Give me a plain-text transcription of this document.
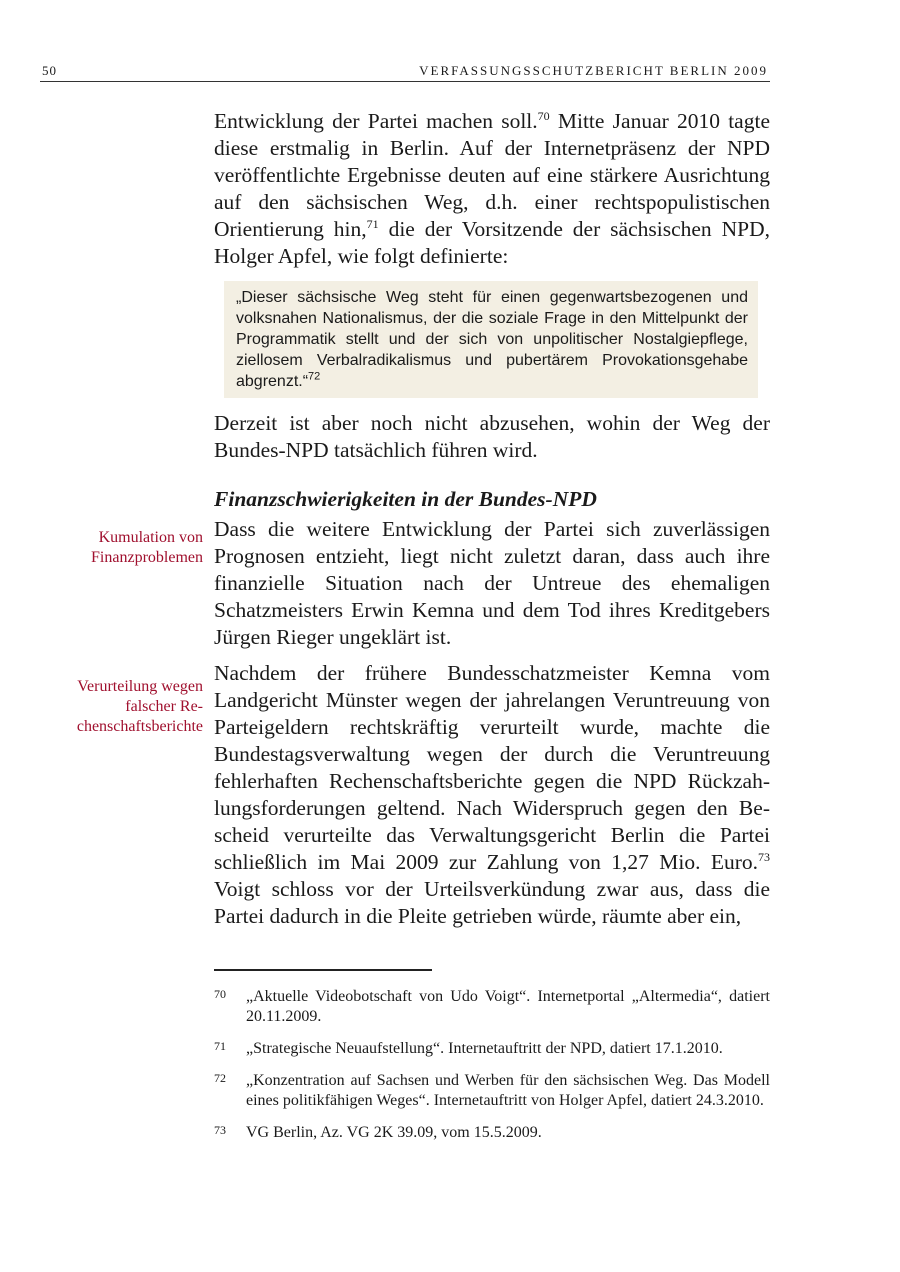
50	VERFASSUNGSSCHUTZBERICHT BERLIN 2009
Kumulation von Finanzproblemen
Verurteilung wegen falscher Rechenschaftsberichte

Entwicklung der Partei machen soll.$^{70}$ Mitte Januar 2010 tagte diese erstmalig in Berlin. Auf der Internetpräsenz der NPD veröffentlichte Ergebnisse deuten auf eine stärkere Ausrichtung auf den sächsischen Weg, d.h. einer rechtspopulistischen Orientierung hin,$^{71}$ die der Vorsitzende der sächsischen NPD, Holger Apfel, wie folgt definierte:

„Dieser sächsische Weg steht für einen gegenwartsbezogenen und volksnahen Nationalismus, der die soziale Frage in den Mittelpunkt der Programmatik stellt und der sich von unpolitischer Nostalgiepflege, ziellosem Verbalradikalismus und pubertärem Provokationsgehabe abgrenzt.“$^{72}$

Derzeit ist aber noch nicht abzusehen, wohin der Weg der Bundes-NPD tatsächlich führen wird.

Finanzschwierigkeiten in der Bundes-NPD

Dass die weitere Entwicklung der Partei sich zuverlässigen Prognosen entzieht, liegt nicht zuletzt daran, dass auch ihre finanzielle Situation nach der Untreue des ehemaligen Schatzmeisters Erwin Kemna und dem Tod ihres Kreditgebers Jürgen Rieger ungeklärt ist.

Nachdem der frühere Bundesschatzmeister Kemna vom Landgericht Münster wegen der jahrelangen Veruntreuung von Parteigeldern rechtskräftig verurteilt wurde, machte die Bundestagsverwaltung wegen der durch die Veruntreuung fehlerhaften Rechenschaftsberichte gegen die NPD Rückzahlungsforderungen geltend. Nach Widerspruch gegen den Bescheid verurteilte das Verwaltungsgericht Berlin die Partei schließlich im Mai 2009 zur Zahlung von 1,27 Mio. Euro.$^{73}$ Voigt schloss vor der Urteilsverkündung zwar aus, dass die Partei dadurch in die Pleite getrieben würde, räumte aber ein,

70 „Aktuelle Videobotschaft von Udo Voigt“. Internetportal „Altermedia“, datiert 20.11.2009.
71 „Strategische Neuaufstellung“. Internetauftritt der NPD, datiert 17.1.2010.
72 „Konzentration auf Sachsen und Werben für den sächsischen Weg. Das Modell eines politikfähigen Weges“. Internetauftritt von Holger Apfel, datiert 24.3.2010.
73 VG Berlin, Az. VG 2K 39.09, vom 15.5.2009.
